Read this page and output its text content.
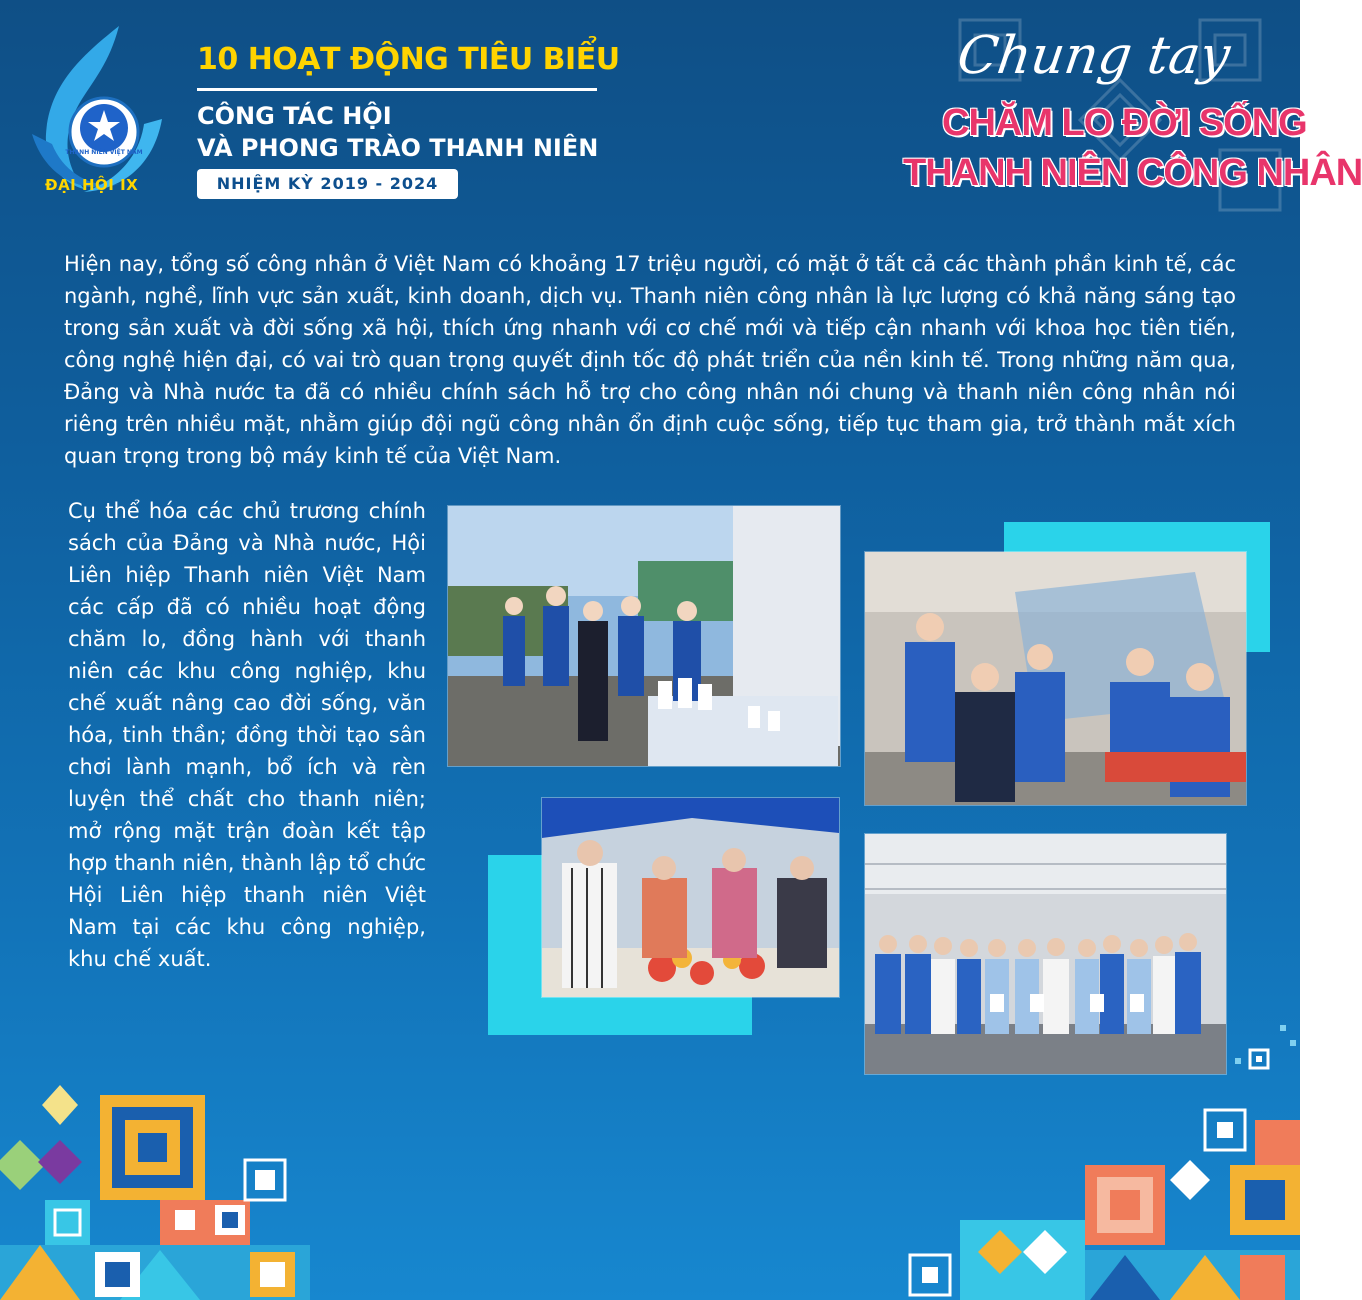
THANH NIÊN VIỆT NAM
ĐẠI HỘI IX
10 HOẠT ĐỘNG TIÊU BIỂU
CÔNG TÁC HỘI
VÀ PHONG TRÀO THANH NIÊN
NHIỆM KỲ 2019 - 2024
Chung tay
CHĂM LO ĐỜI SỐNG
THANH NIÊN CÔNG NHÂN
Hiện nay, tổng số công nhân ở Việt Nam có khoảng 17 triệu người, có mặt ở tất cả các thành phần kinh tế, các ngành, nghề, lĩnh vực sản xuất, kinh doanh, dịch vụ. Thanh niên công nhân là lực lượng có khả năng sáng tạo trong sản xuất và đời sống xã hội, thích ứng nhanh với cơ chế mới và tiếp cận nhanh với khoa học tiên tiến, công nghệ hiện đại, có vai trò quan trọng quyết định tốc độ phát triển của nền kinh tế. Trong những năm qua, Đảng và Nhà nước ta đã có nhiều chính sách hỗ trợ cho công nhân nói chung và thanh niên công nhân nói riêng trên nhiều mặt, nhằm giúp đội ngũ công nhân ổn định cuộc sống, tiếp tục tham gia, trở thành mắt xích quan trọng trong bộ máy kinh tế của Việt Nam.
Cụ thể hóa các chủ trương chính sách của Đảng và Nhà nước, Hội Liên hiệp Thanh niên Việt Nam các cấp đã có nhiều hoạt động chăm lo, đồng hành với thanh niên các khu công nghiệp, khu chế xuất nâng cao đời sống, văn hóa, tinh thần; đồng thời tạo sân chơi lành mạnh, bổ ích và rèn luyện thể chất cho thanh niên; mở rộng mặt trận đoàn kết tập hợp thanh niên, thành lập tổ chức Hội Liên hiệp thanh niên Việt Nam tại các khu công nghiệp, khu chế xuất.
